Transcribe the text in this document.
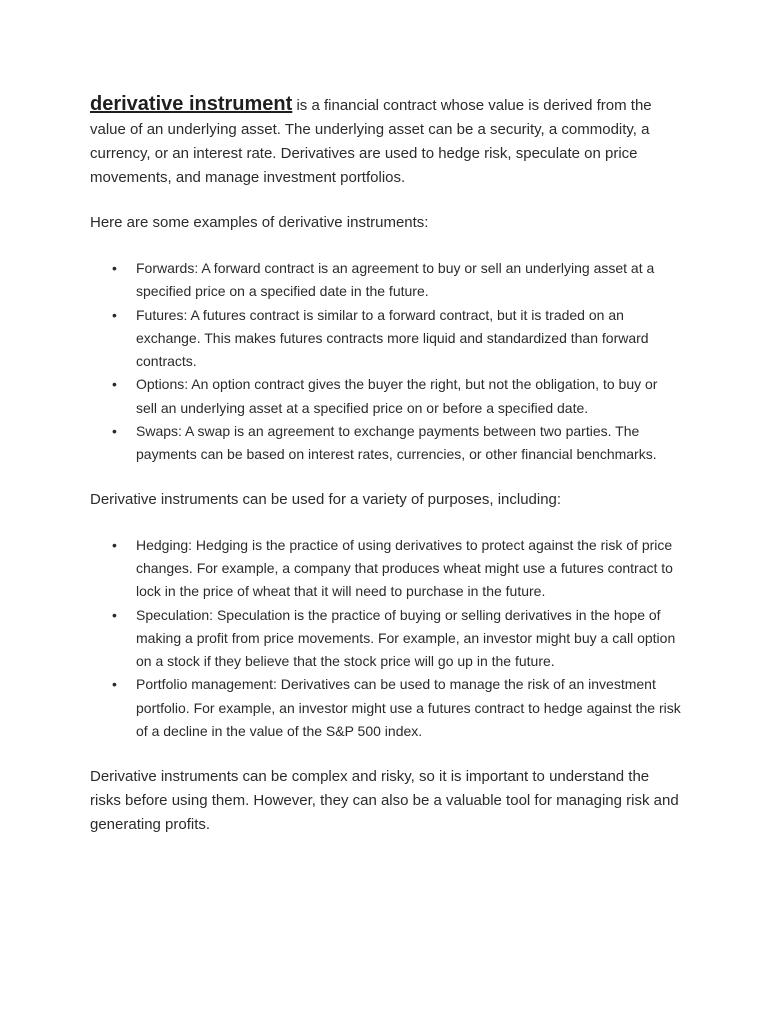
derivative instrument is a financial contract whose value is derived from the value of an underlying asset. The underlying asset can be a security, a commodity, a currency, or an interest rate. Derivatives are used to hedge risk, speculate on price movements, and manage investment portfolios.

Here are some examples of derivative instruments:

• Forwards: A forward contract is an agreement to buy or sell an underlying asset at a specified price on a specified date in the future.
• Futures: A futures contract is similar to a forward contract, but it is traded on an exchange. This makes futures contracts more liquid and standardized than forward contracts.
• Options: An option contract gives the buyer the right, but not the obligation, to buy or sell an underlying asset at a specified price on or before a specified date.
• Swaps: A swap is an agreement to exchange payments between two parties. The payments can be based on interest rates, currencies, or other financial benchmarks.

Derivative instruments can be used for a variety of purposes, including:

• Hedging: Hedging is the practice of using derivatives to protect against the risk of price changes. For example, a company that produces wheat might use a futures contract to lock in the price of wheat that it will need to purchase in the future.
• Speculation: Speculation is the practice of buying or selling derivatives in the hope of making a profit from price movements. For example, an investor might buy a call option on a stock if they believe that the stock price will go up in the future.
• Portfolio management: Derivatives can be used to manage the risk of an investment portfolio. For example, an investor might use a futures contract to hedge against the risk of a decline in the value of the S&P 500 index.

Derivative instruments can be complex and risky, so it is important to understand the risks before using them. However, they can also be a valuable tool for managing risk and generating profits.
